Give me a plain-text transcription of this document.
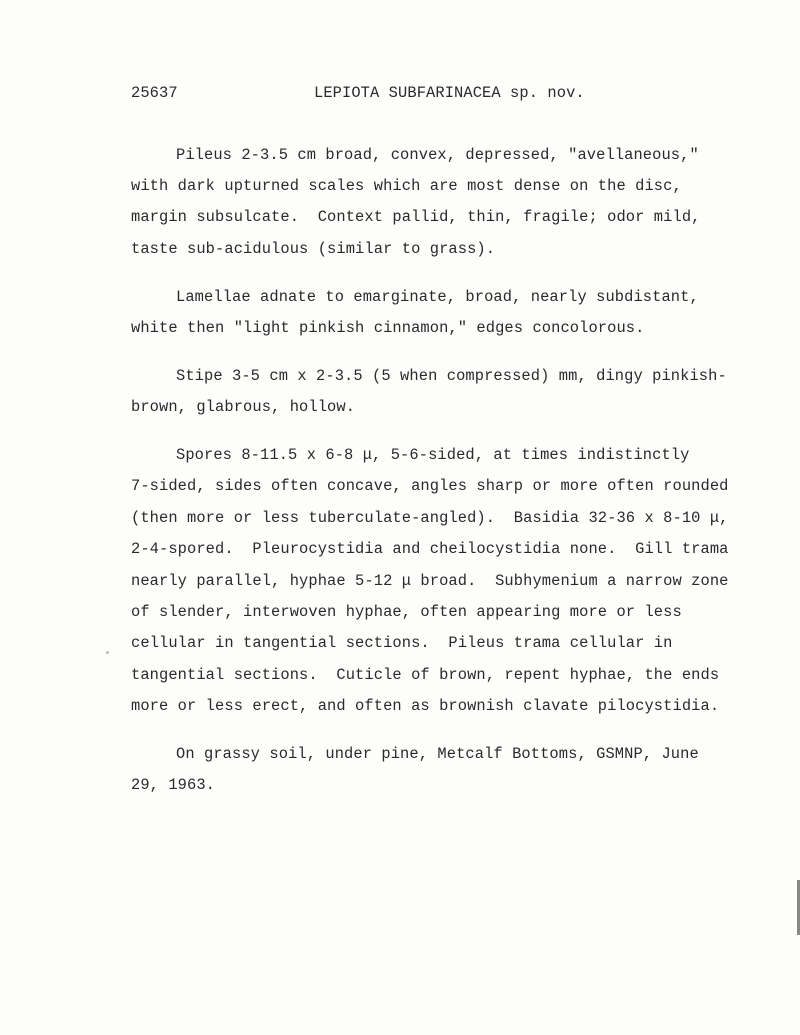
25637	LEPIOTA SUBFARINACEA sp. nov.
Pileus 2-3.5 cm broad, convex, depressed, "avellaneous,"
with dark upturned scales which are most dense on the disc,
margin subsulcate.  Context pallid, thin, fragile; odor mild,
taste sub-acidulous (similar to grass).
Lamellae adnate to emarginate, broad, nearly subdistant,
white then "light pinkish cinnamon," edges concolorous.
Stipe 3-5 cm x 2-3.5 (5 when compressed) mm, dingy pinkish-
brown, glabrous, hollow.
Spores 8-11.5 x 6-8 μ, 5-6-sided, at times indistinctly
7-sided, sides often concave, angles sharp or more often rounded
(then more or less tuberculate-angled).  Basidia 32-36 x 8-10 μ,
2-4-spored.  Pleurocystidia and cheilocystidia none.  Gill trama
nearly parallel, hyphae 5-12 μ broad.  Subhymenium a narrow zone
of slender, interwoven hyphae, often appearing more or less
cellular in tangential sections.  Pileus trama cellular in
tangential sections.  Cuticle of brown, repent hyphae, the ends
more or less erect, and often as brownish clavate pilocystidia.
On grassy soil, under pine, Metcalf Bottoms, GSMNP, June
29, 1963.
